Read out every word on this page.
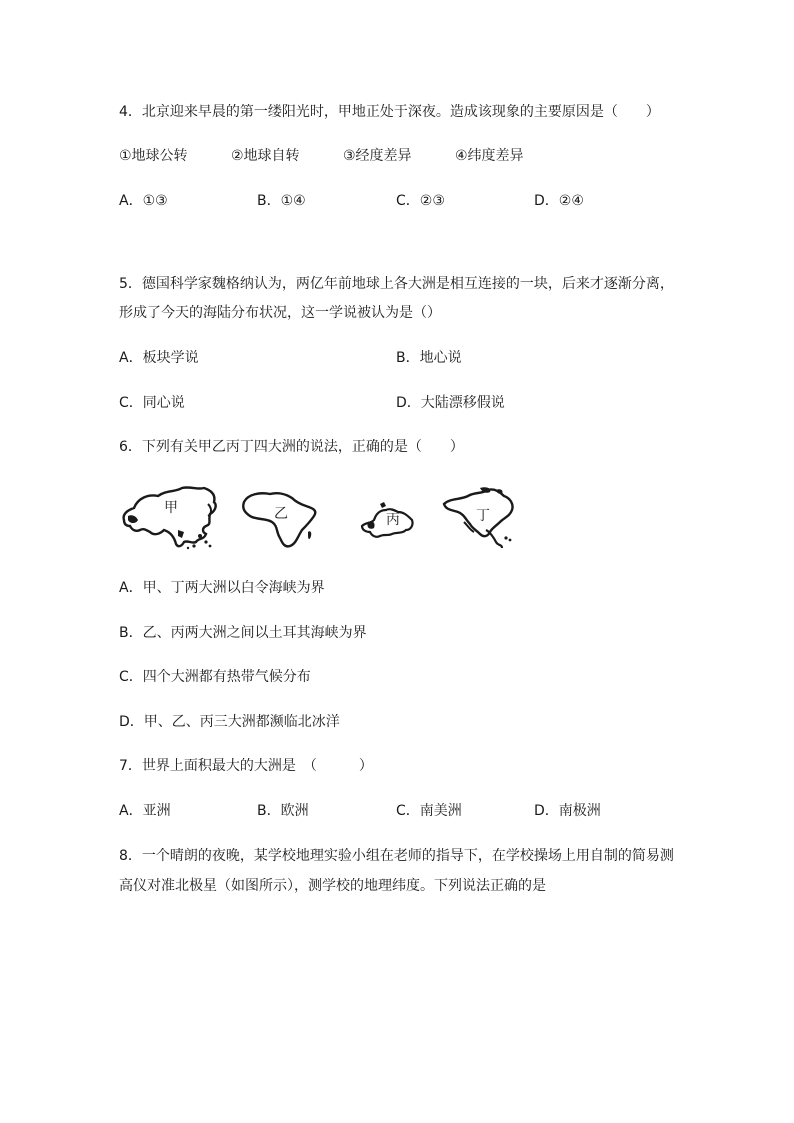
4．北京迎来早晨的第一缕阳光时，甲地正处于深夜。造成该现象的主要原因是（　　）
①地球公转	②地球自转	③经度差异	④纬度差异
A．①③	B．①④	C．②③	D．②④
5．德国科学家魏格纳认为，两亿年前地球上各大洲是相互连接的一块，后来才逐渐分离，
形成了今天的海陆分布状况，这一学说被认为是（）
A．板块学说	B．地心说
C．同心说	D．大陆漂移假说
6．下列有关甲乙丙丁四大洲的说法，正确的是（　　）
甲	乙	丙	丁
A．甲、丁两大洲以白令海峡为界
B．乙、丙两大洲之间以土耳其海峡为界
C．四个大洲都有热带气候分布
D．甲、乙、丙三大洲都濒临北冰洋
7．世界上面积最大的大洲是　（　　　）
A．亚洲	B．欧洲	C．南美洲	D．南极洲
8．一个晴朗的夜晚，某学校地理实验小组在老师的指导下，在学校操场上用自制的简易测
高仪对准北极星（如图所示），测学校的地理纬度。下列说法正确的是
